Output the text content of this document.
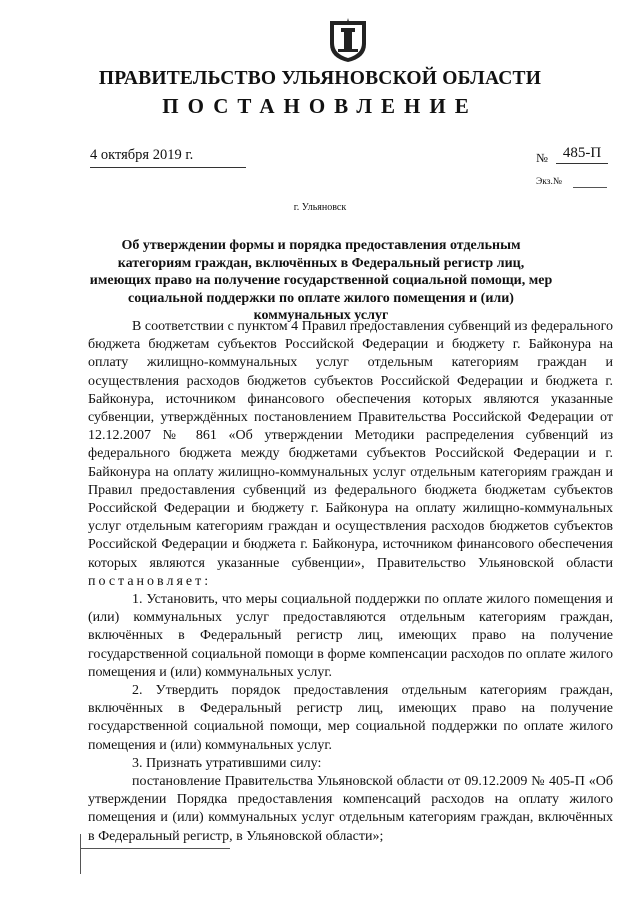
ПРАВИТЕЛЬСТВО УЛЬЯНОВСКОЙ ОБЛАСТИ
ПОСТАНОВЛЕНИЕ
4 октября 2019 г.	№ 485-П
Экз.№
г. Ульяновск
Об утверждении формы и порядка предоставления отдельным категориям граждан, включённых в Федеральный регистр лиц, имеющих право на получение государственной социальной помощи, мер социальной поддержки по оплате жилого помещения и (или) коммунальных услуг

В соответствии с пунктом 4 Правил предоставления субвенций из федерального бюджета бюджетам субъектов Российской Федерации и бюджету г. Байконура на оплату жилищно-коммунальных услуг отдельным категориям граждан и осуществления расходов бюджетов субъектов Российской Федерации и бюджета г. Байконура, источником финансового обеспечения которых являются указанные субвенции, утверждённых постановлением Правительства Российской Федерации от 12.12.2007 № 861 «Об утверждении Методики распределения субвенций из федерального бюджета между бюджетами субъектов Российской Федерации и г. Байконура на оплату жилищно-коммунальных услуг отдельным категориям граждан и Правил предоставления субвенций из федерального бюджета бюджетам субъектов Российской Федерации и бюджету г. Байконура на оплату жилищно-коммунальных услуг отдельным категориям граждан и осуществления расходов бюджетов субъектов Российской Федерации и бюджета г. Байконура, источником финансового обеспечения которых являются указанные субвенции», Правительство Ульяновской области постановляет:

1. Установить, что меры социальной поддержки по оплате жилого помещения и (или) коммунальных услуг предоставляются отдельным категориям граждан, включённых в Федеральный регистр лиц, имеющих право на получение государственной социальной помощи в форме компенсации расходов по оплате жилого помещения и (или) коммунальных услуг.

2. Утвердить порядок предоставления отдельным категориям граждан, включённых в Федеральный регистр лиц, имеющих право на получение государственной социальной помощи, мер социальной поддержки по оплате жилого помещения и (или) коммунальных услуг.

3. Признать утратившими силу:

постановление Правительства Ульяновской области от 09.12.2009 № 405-П «Об утверждении Порядка предоставления компенсаций расходов на оплату жилого помещения и (или) коммунальных услуг отдельным категориям граждан, включённых в Федеральный регистр, в Ульяновской области»;
